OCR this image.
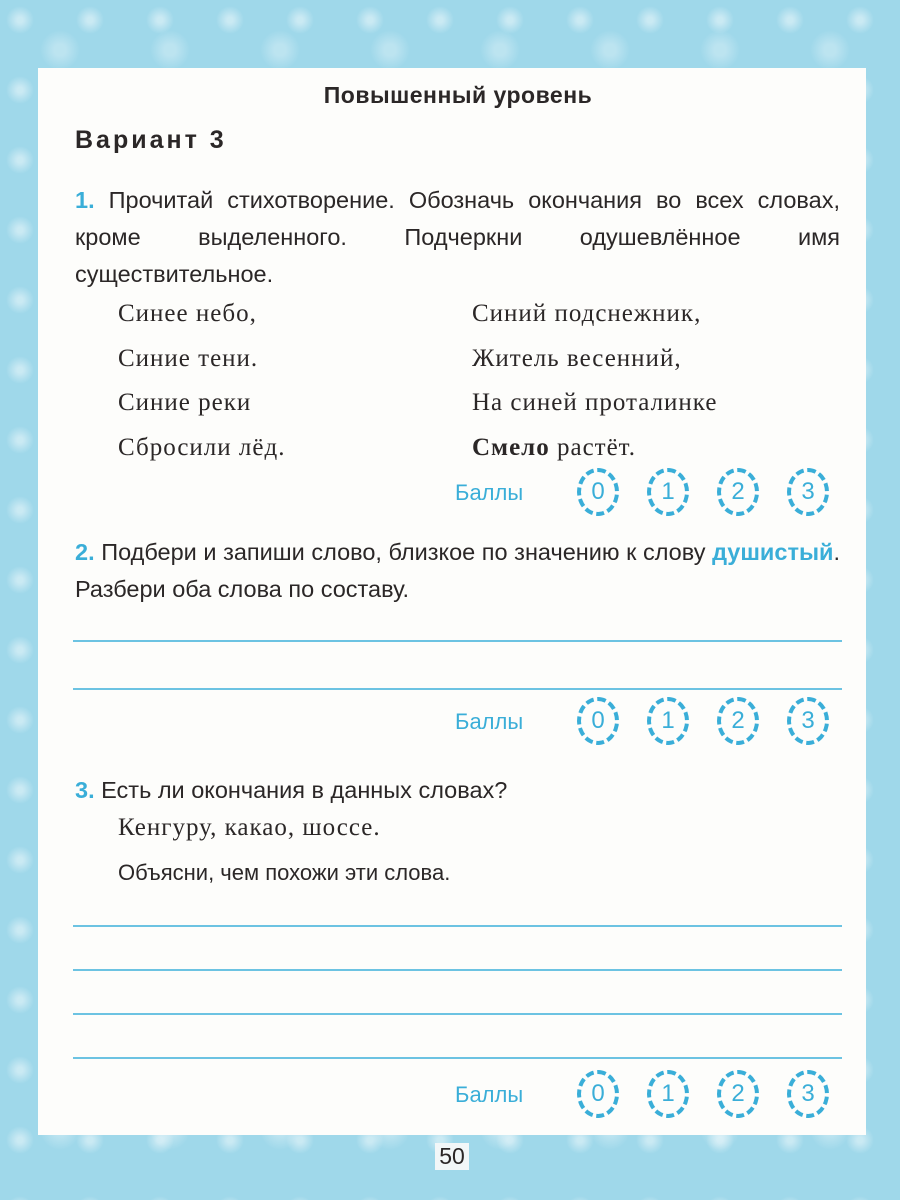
Повышенный уровень
Вариант 3
1. Прочитай стихотворение. Обозначь окончания во всех словах, кроме выделенного. Подчеркни одушевлённое имя существительное.
Синее небо,
Синие тени.
Синие реки
Сбросили лёд.
Синий подснежник,
Житель весенний,
На синей проталинке
Смело растёт.
Баллы	0	1	2	3
2. Подбери и запиши слово, близкое по значению к слову душистый. Разбери оба слова по составу.
Баллы	0	1	2	3
3. Есть ли окончания в данных словах?
Кенгуру, какао, шоссе.
Объясни, чем похожи эти слова.
Баллы	0	1	2	3
50
